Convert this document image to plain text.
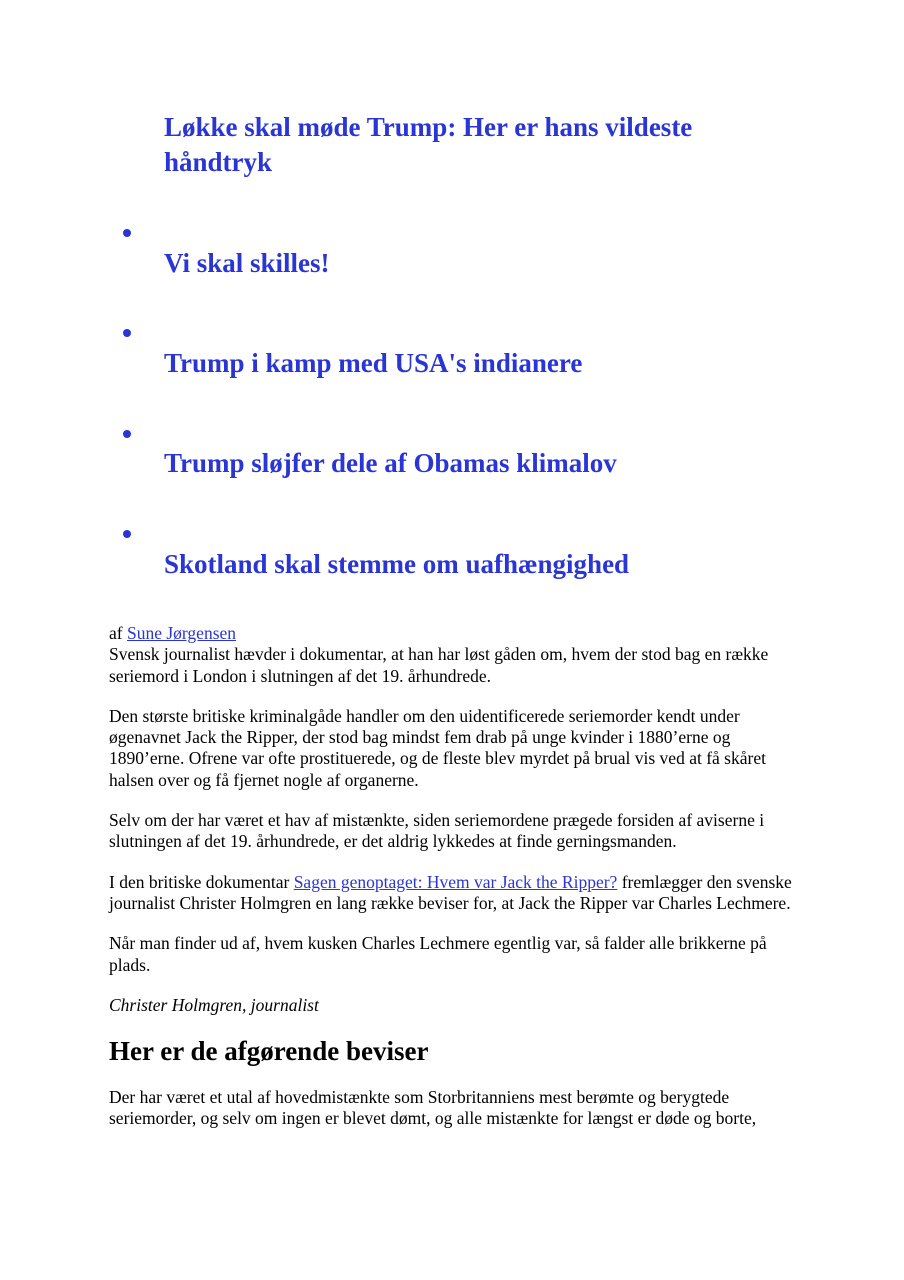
Løkke skal møde Trump: Her er hans vildeste håndtryk
Vi skal skilles!
Trump i kamp med USA's indianere
Trump sløjfer dele af Obamas klimalov
Skotland skal stemme om uafhængighed
af Sune Jørgensen

Svensk journalist hævder i dokumentar, at han har løst gåden om, hvem der stod bag en række seriemord i London i slutningen af det 19. århundrede.

Den største britiske kriminalgåde handler om den uidentificerede seriemorder kendt under øgenavnet Jack the Ripper, der stod bag mindst fem drab på unge kvinder i 1880’erne og 1890’erne. Ofrene var ofte prostituerede, og de fleste blev myrdet på brual vis ved at få skåret halsen over og få fjernet nogle af organerne.

Selv om der har været et hav af mistænkte, siden seriemordene prægede forsiden af aviserne i slutningen af det 19. århundrede, er det aldrig lykkedes at finde gerningsmanden.

I den britiske dokumentar Sagen genoptaget: Hvem var Jack the Ripper? fremlægger den svenske journalist Christer Holmgren en lang række beviser for, at Jack the Ripper var Charles Lechmere.

Når man finder ud af, hvem kusken Charles Lechmere egentlig var, så falder alle brikkerne på plads.

Christer Holmgren, journalist

Her er de afgørende beviser

Der har været et utal af hovedmistænkte som Storbritanniens mest berømte og berygtede seriemorder, og selv om ingen er blevet dømt, og alle mistænkte for længst er døde og borte,
